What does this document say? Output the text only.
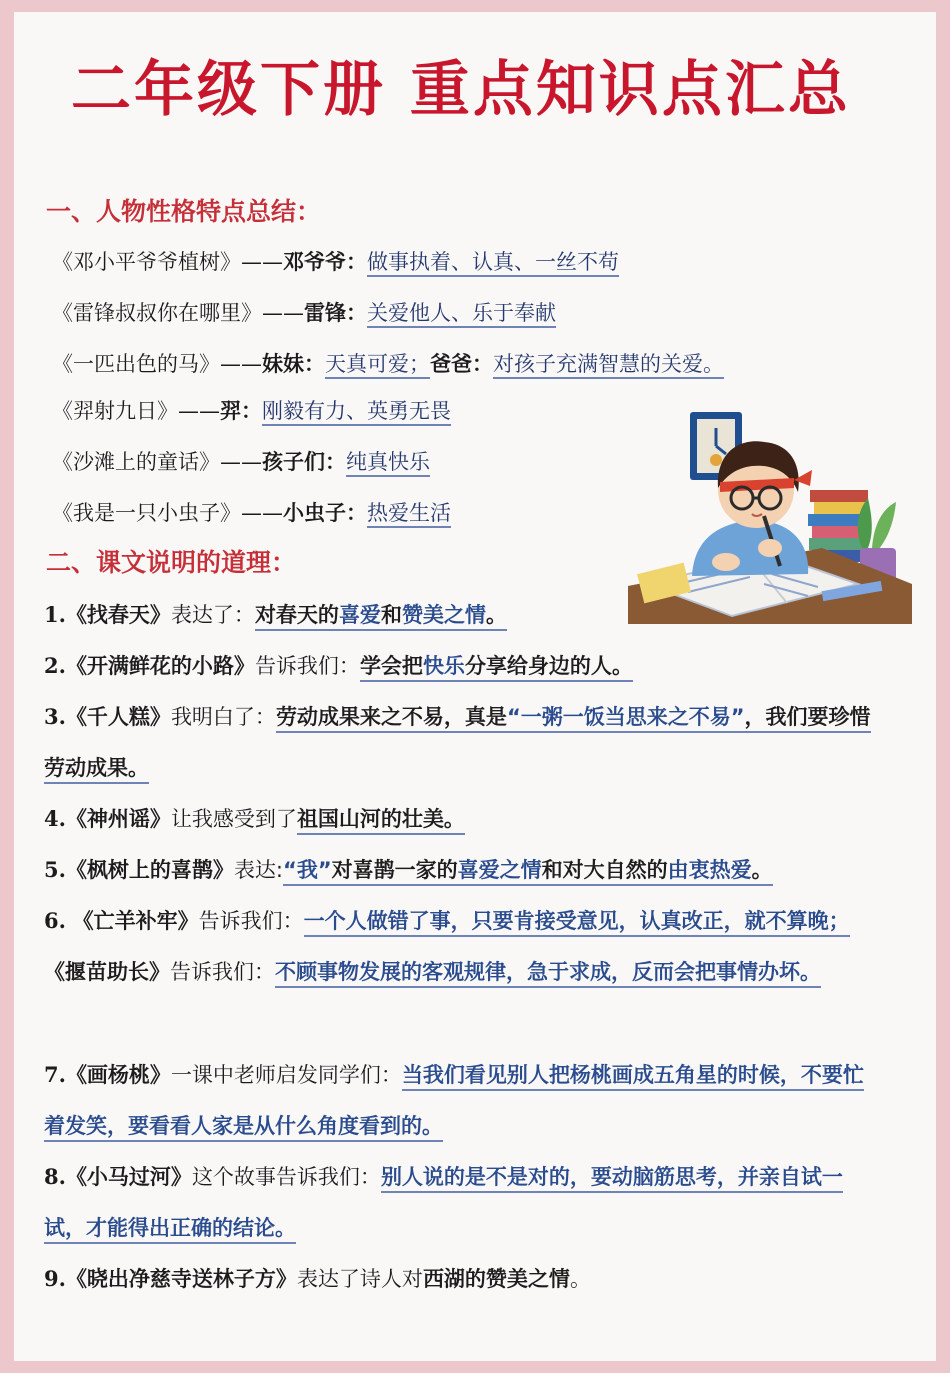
二年级下册 重点知识点汇总
一、人物性格特点总结：
《邓小平爷爷植树》——邓爷爷：做事执着、认真、一丝不苟
《雷锋叔叔你在哪里》——雷锋：关爱他人、乐于奉献
《一匹出色的马》——妹妹：天真可爱；爸爸：对孩子充满智慧的关爱。
《羿射九日》——羿：刚毅有力、英勇无畏
《沙滩上的童话》——孩子们：纯真快乐
《我是一只小虫子》——小虫子：热爱生活
二、课文说明的道理：
1.《找春天》表达了：对春天的喜爱和赞美之情。
2.《开满鲜花的小路》告诉我们：学会把快乐分享给身边的人。
3.《千人糕》我明白了：劳动成果来之不易，真是“一粥一饭当思来之不易”，我们要珍惜劳动成果。
4.《神州谣》让我感受到了祖国山河的壮美。
5.《枫树上的喜鹊》表达:“我”对喜鹊一家的喜爱之情和对大自然的由衷热爱。
6. 《亡羊补牢》告诉我们：一个人做错了事，只要肯接受意见，认真改正，就不算晚；《揠苗助长》告诉我们：不顾事物发展的客观规律，急于求成，反而会把事情办坏。
7.《画杨桃》一课中老师启发同学们：当我们看见别人把杨桃画成五角星的时候，不要忙着发笑，要看看人家是从什么角度看到的。
8.《小马过河》这个故事告诉我们：别人说的是不是对的，要动脑筋思考，并亲自试一试，才能得出正确的结论。
9.《晓出净慈寺送林子方》表达了诗人对西湖的赞美之情。
